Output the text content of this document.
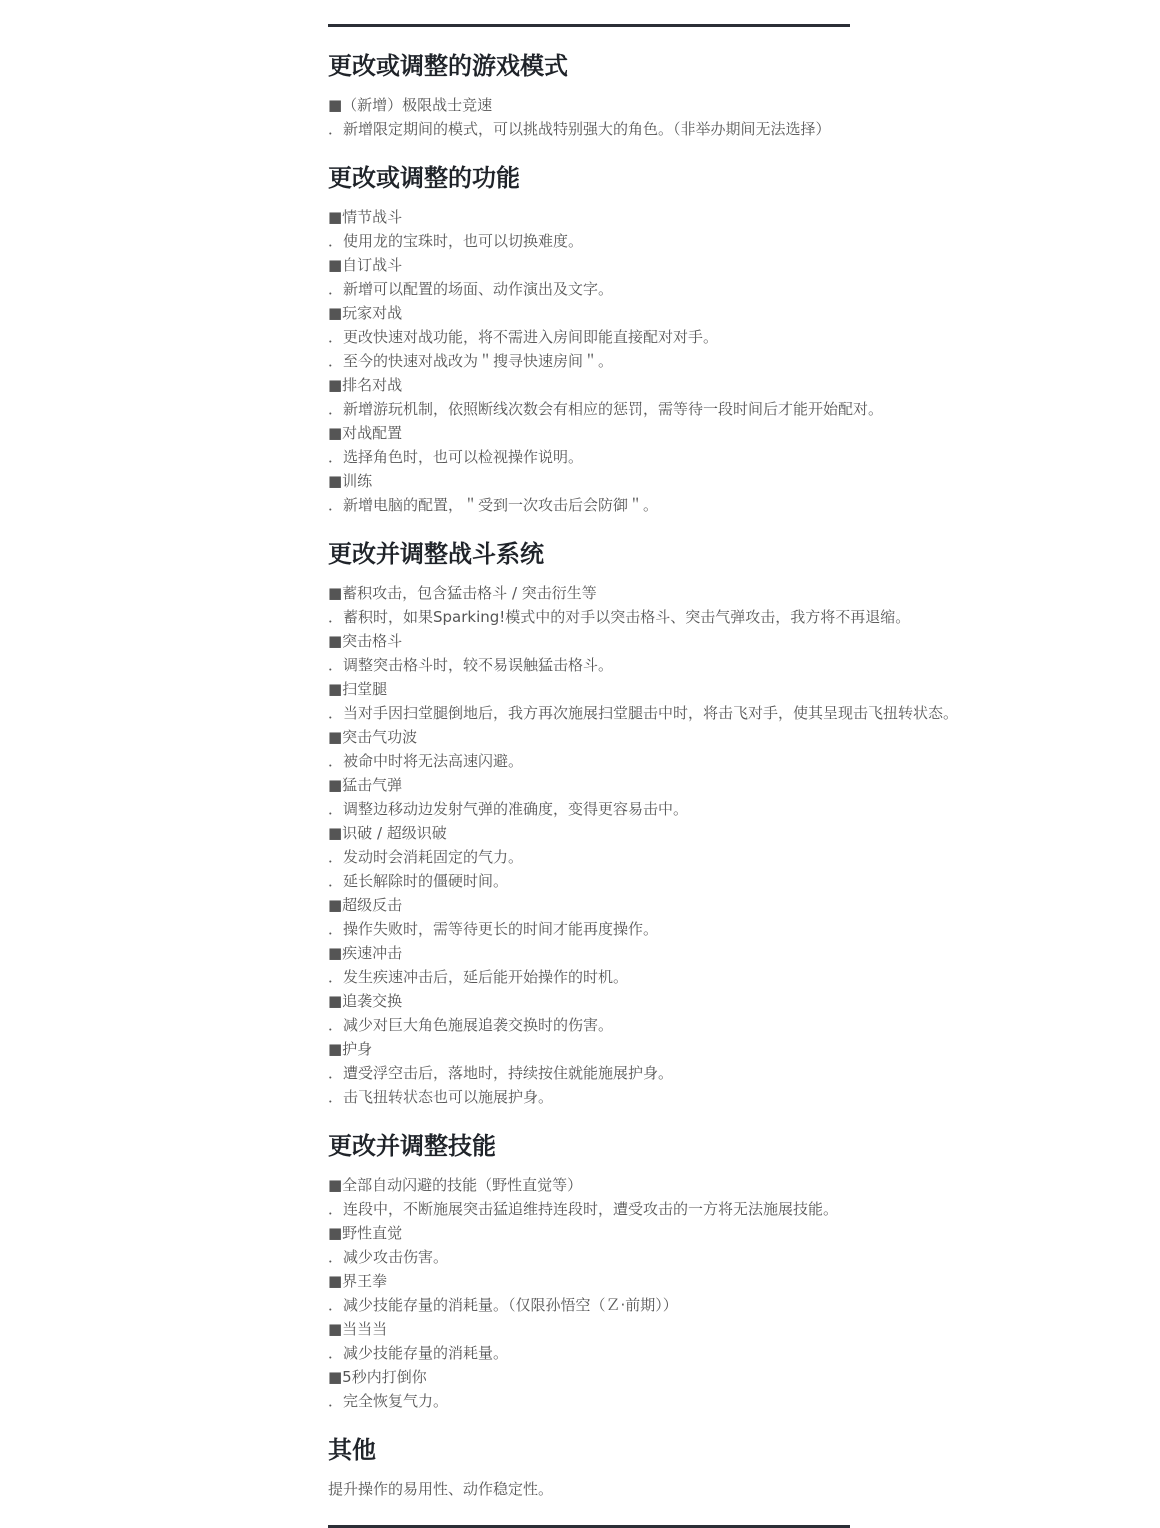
更改或调整的游戏模式
■（新增）极限战士竞速
．新增限定期间的模式，可以挑战特别强大的角色。（非举办期间无法选择）
更改或调整的功能
■情节战斗
．使用龙的宝珠时，也可以切换难度。
■自订战斗
．新增可以配置的场面、动作演出及文字。
■玩家对战
．更改快速对战功能，将不需进入房间即能直接配对对手。
．至今的快速对战改为＂搜寻快速房间＂。
■排名对战
．新增游玩机制，依照断线次数会有相应的惩罚，需等待一段时间后才能开始配对。
■对战配置
．选择角色时，也可以检视操作说明。
■训练
．新增电脑的配置，＂受到一次攻击后会防御＂。
更改并调整战斗系统
■蓄积攻击，包含猛击格斗 / 突击衍生等
．蓄积时，如果Sparking!模式中的对手以突击格斗、突击气弹攻击，我方将不再退缩。
■突击格斗
．调整突击格斗时，较不易误触猛击格斗。
■扫堂腿
．当对手因扫堂腿倒地后，我方再次施展扫堂腿击中时，将击飞对手，使其呈现击飞扭转状态。
■突击气功波
．被命中时将无法高速闪避。
■猛击气弹
．调整边移动边发射气弹的准确度，变得更容易击中。
■识破 / 超级识破
．发动时会消耗固定的气力。
．延长解除时的僵硬时间。
■超级反击
．操作失败时，需等待更长的时间才能再度操作。
■疾速冲击
．发生疾速冲击后，延后能开始操作的时机。
■追袭交换
．减少对巨大角色施展追袭交换时的伤害。
■护身
．遭受浮空击后，落地时，持续按住就能施展护身。
．击飞扭转状态也可以施展护身。
更改并调整技能
■全部自动闪避的技能（野性直觉等）
．连段中，不断施展突击猛追维持连段时，遭受攻击的一方将无法施展技能。
■野性直觉
．减少攻击伤害。
■界王拳
．减少技能存量的消耗量。（仅限孙悟空（Ｚ·前期））
■当当当
．减少技能存量的消耗量。
■5秒内打倒你
．完全恢复气力。
其他
提升操作的易用性、动作稳定性。
